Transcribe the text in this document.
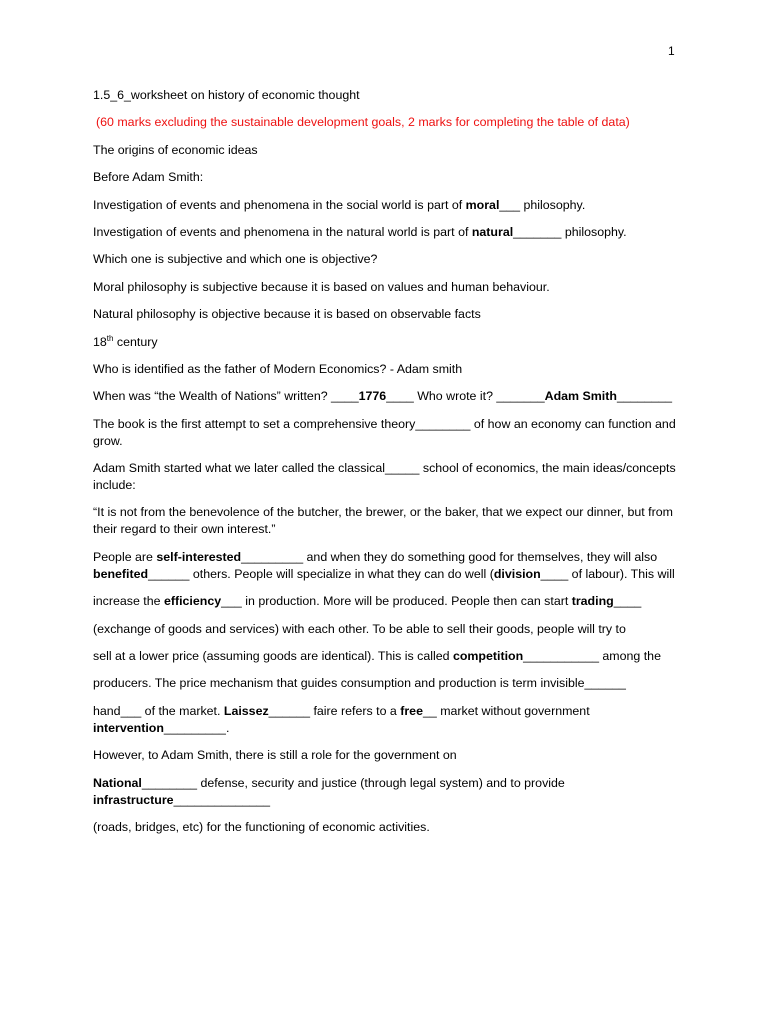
1

1.5_6_worksheet on history of economic thought

(60 marks excluding the sustainable development goals, 2 marks for completing the table of data)

The origins of economic ideas

Before Adam Smith:

Investigation of events and phenomena in the social world is part of moral___ philosophy.

Investigation of events and phenomena in the natural world is part of natural_______ philosophy.

Which one is subjective and which one is objective?

Moral philosophy is subjective because it is based on values and human behaviour.

Natural philosophy is objective because it is based on observable facts

18th century

Who is identified as the father of Modern Economics? - Adam smith

When was “the Wealth of Nations” written? ____1776____ Who wrote it? _______Adam Smith________

The book is the first attempt to set a comprehensive theory________ of how an economy can function and grow.

Adam Smith started what we later called the classical_____ school of economics, the main ideas/concepts include:

“It is not from the benevolence of the butcher, the brewer, or the baker, that we expect our dinner, but from their regard to their own interest.”

People are self-interested_________ and when they do something good for themselves, they will also benefited______ others. People will specialize in what they can do well (division____ of labour). This will

increase the efficiency___ in production. More will be produced. People then can start trading____

(exchange of goods and services) with each other. To be able to sell their goods, people will try to

sell at a lower price (assuming goods are identical). This is called competition___________ among the

producers. The price mechanism that guides consumption and production is term invisible______

hand___ of the market. Laissez______ faire refers to a free__ market without government intervention_________.

However, to Adam Smith, there is still a role for the government on

National________ defense, security and justice (through legal system) and to provide infrastructure______________

(roads, bridges, etc) for the functioning of economic activities.
